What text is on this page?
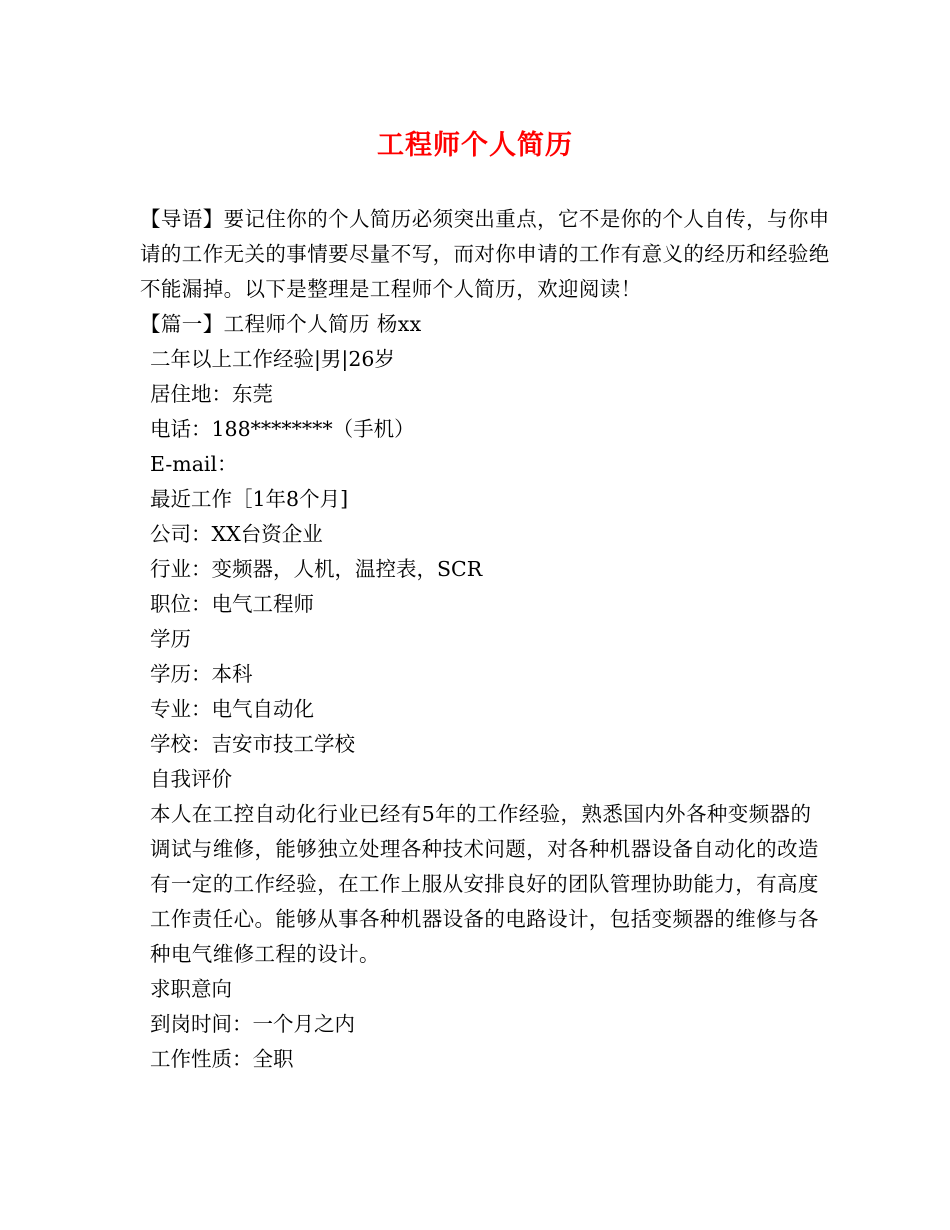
工程师个人简历

【导语】要记住你的个人简历必须突出重点，它不是你的个人自传，与你申请的工作无关的事情要尽量不写，而对你申请的工作有意义的经历和经验绝不能漏掉。以下是整理是工程师个人简历，欢迎阅读！

【篇一】工程师个人简历 杨xx

二年以上工作经验|男|26岁

居住地：东莞

电话：188********（手机）

E-mail：

最近工作［1年8个月]

公司：XX台资企业

行业：变频器，人机，温控表，SCR

职位：电气工程师

学历

学历：本科

专业：电气自动化

学校：吉安市技工学校

自我评价

本人在工控自动化行业已经有5年的工作经验，熟悉国内外各种变频器的调试与维修，能够独立处理各种技术问题，对各种机器设备自动化的改造有一定的工作经验，在工作上服从安排良好的团队管理协助能力，有高度工作责任心。能够从事各种机器设备的电路设计，包括变频器的维修与各种电气维修工程的设计。

求职意向

到岗时间：一个月之内

工作性质：全职
